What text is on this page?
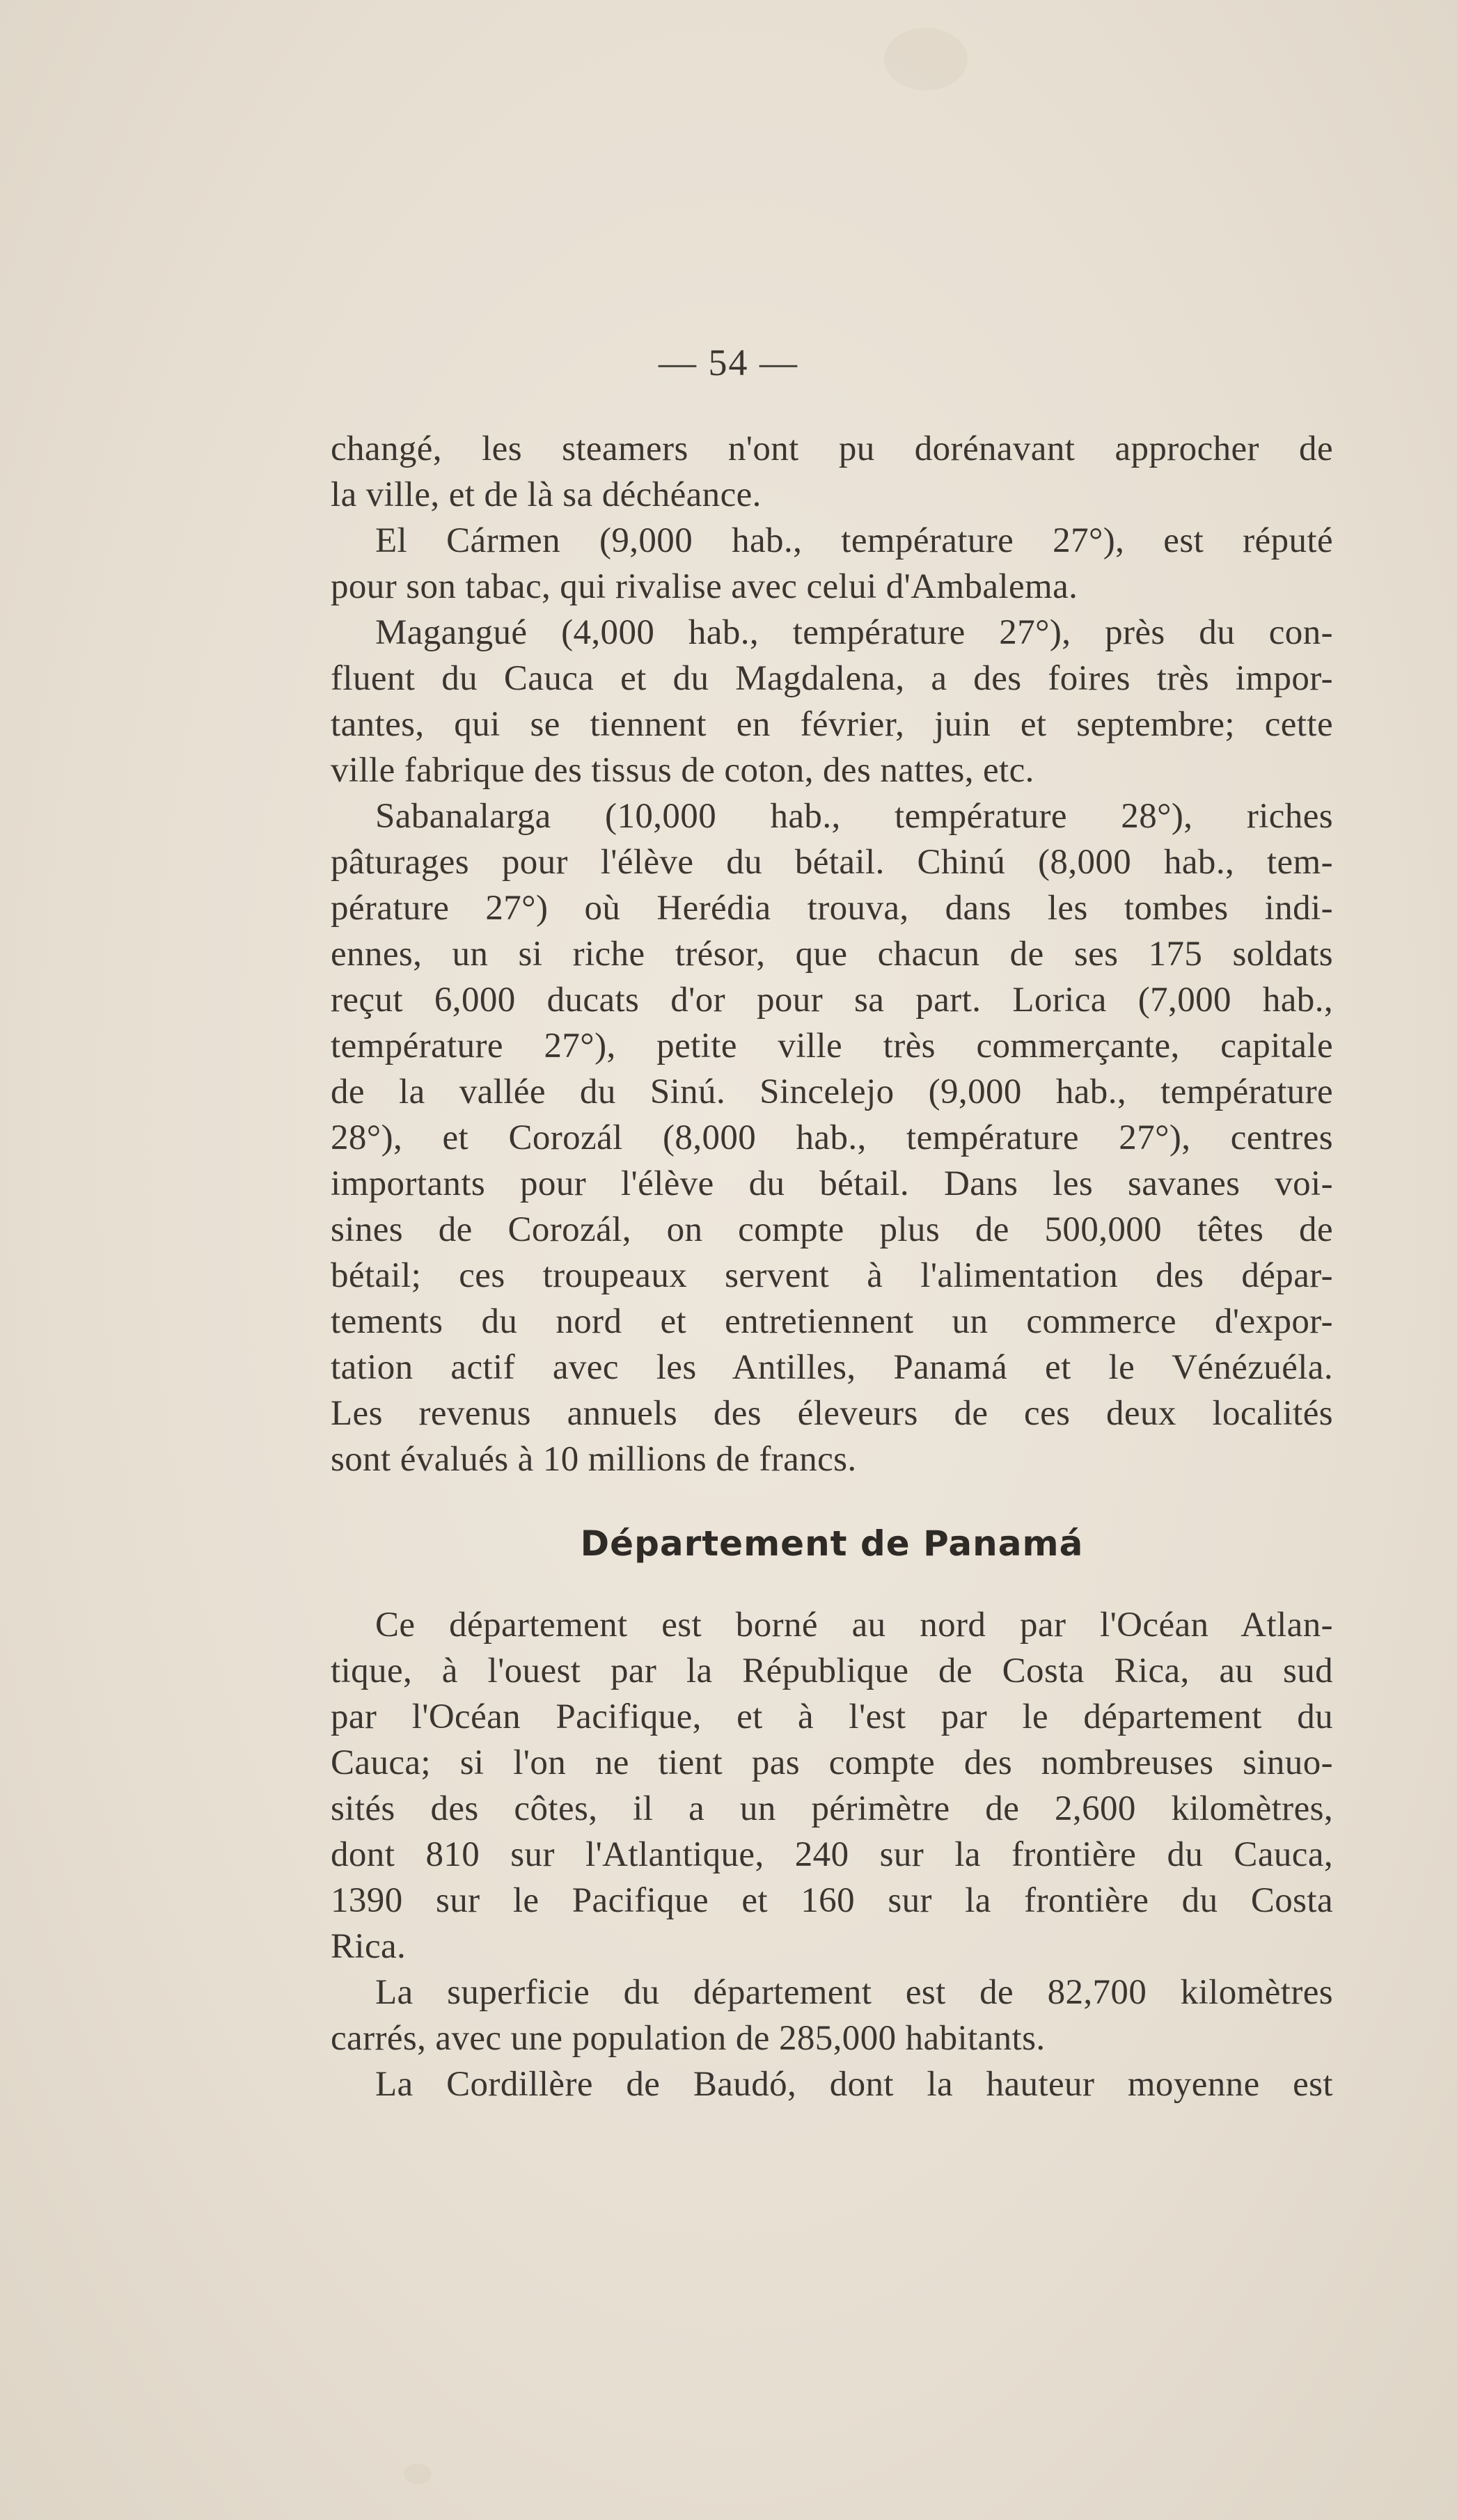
— 54 —
changé, les steamers n'ont pu dorénavant approcher de
la ville, et de là sa déchéance.
El Cármen (9,000 hab., température 27°), est réputé
pour son tabac, qui rivalise avec celui d'Ambalema.
Magangué (4,000 hab., température 27°), près du con-
fluent du Cauca et du Magdalena, a des foires très impor-
tantes, qui se tiennent en février, juin et septembre; cette
ville fabrique des tissus de coton, des nattes, etc.
Sabanalarga (10,000 hab., température 28°), riches
pâturages pour l'élève du bétail. Chinú (8,000 hab., tem-
pérature 27°) où Herédia trouva, dans les tombes indi-
ennes, un si riche trésor, que chacun de ses 175 soldats
reçut 6,000 ducats d'or pour sa part. Lorica (7,000 hab.,
température 27°), petite ville très commerçante, capitale
de la vallée du Sinú. Sincelejo (9,000 hab., température
28°), et Corozál (8,000 hab., température 27°), centres
importants pour l'élève du bétail. Dans les savanes voi-
sines de Corozál, on compte plus de 500,000 têtes de
bétail; ces troupeaux servent à l'alimentation des dépar-
tements du nord et entretiennent un commerce d'expor-
tation actif avec les Antilles, Panamá et le Vénézuéla.
Les revenus annuels des éleveurs de ces deux localités
sont évalués à 10 millions de francs.
Département de Panamá
Ce département est borné au nord par l'Océan Atlan-
tique, à l'ouest par la République de Costa Rica, au sud
par l'Océan Pacifique, et à l'est par le département du
Cauca; si l'on ne tient pas compte des nombreuses sinuo-
sités des côtes, il a un périmètre de 2,600 kilomètres,
dont 810 sur l'Atlantique, 240 sur la frontière du Cauca,
1390 sur le Pacifique et 160 sur la frontière du Costa
Rica.
La superficie du département est de 82,700 kilomètres
carrés, avec une population de 285,000 habitants.
La Cordillère de Baudó, dont la hauteur moyenne est
